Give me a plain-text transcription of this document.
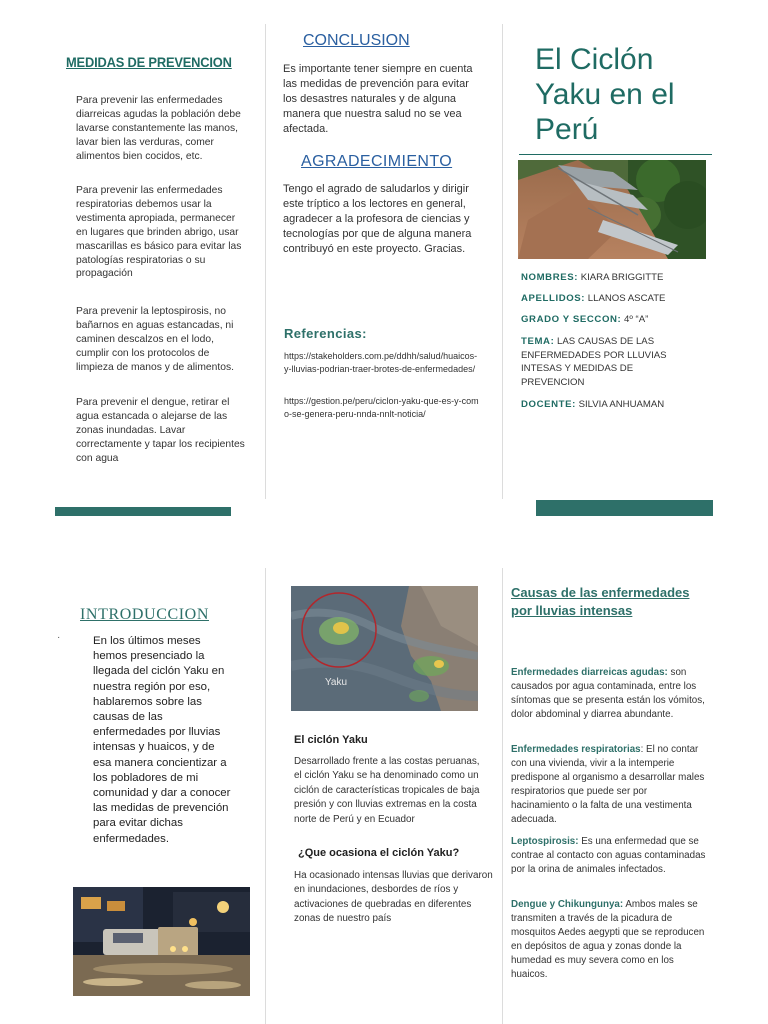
MEDIDAS DE PREVENCION

Para prevenir las enfermedades diarreicas agudas la población debe lavarse constantemente las manos, lavar bien las verduras, comer alimentos bien cocidos, etc.

Para prevenir las enfermedades respiratorias debemos usar la vestimenta apropiada, permanecer en lugares que brinden abrigo, usar mascarillas es básico para evitar las patologías respiratorias o su propagación

Para prevenir la leptospirosis, no bañarnos en aguas estancadas, ni caminen descalzos en el lodo, cumplir con los protocolos de limpieza de manos y de alimentos.

Para prevenir el dengue, retirar el agua estancada o alejarse de las zonas inundadas. Lavar correctamente y tapar los recipientes con agua

CONCLUSION

Es importante tener siempre en cuenta las medidas de prevención para evitar los desastres naturales y de alguna manera que nuestra salud no se vea afectada.

AGRADECIMIENTO

Tengo el agrado de saludarlos y dirigir este tríptico a los lectores en general, agradecer a la profesora de ciencias y tecnologías por que de alguna manera contribuyó en este proyecto. Gracias.

Referencias:

https://stakeholders.com.pe/ddhh/salud/huaicos-y-lluvias-podrian-traer-brotes-de-enfermedades/

https://gestion.pe/peru/ciclon-yaku-que-es-y-como-se-genera-peru-nnda-nnlt-noticia/

El Ciclón Yaku en el Perú

NOMBRES: KIARA BRIGGITTE

APELLIDOS: LLANOS ASCATE

GRADO Y SECCON: 4º “A”

TEMA: LAS CAUSAS DE LAS ENFERMEDADES POR LLUVIAS INTESAS Y MEDIDAS DE PREVENCION

DOCENTE: SILVIA ANHUAMAN

INTRODUCCION
·	En los últimos meses hemos presenciado la llegada del ciclón Yaku en nuestra región por eso, hablaremos sobre las causas de las enfermedades por lluvias intensas y huaicos, y de esa manera concientizar a los pobladores de mi comunidad y dar a conocer las medidas de prevención para evitar dichas enfermedades.

Yaku
El ciclón Yaku

Desarrollado frente a las costas peruanas, el ciclón Yaku se ha denominado como un ciclón de características tropicales de baja presión y con lluvias extremas en la costa norte de Perú y en Ecuador

¿Que ocasiona el ciclón Yaku?

Ha ocasionado intensas lluvias que derivaron en inundaciones, desbordes de ríos y activaciones de quebradas en diferentes zonas de nuestro país

Causas de las enfermedades por lluvias intensas

Enfermedades diarreicas agudas: son causados por agua contaminada, entre los síntomas que se presenta están los vómitos, dolor abdominal y diarrea abundante.

Enfermedades respiratorias: El no contar con una vivienda, vivir a la intemperie predispone al organismo a desarrollar males respiratorios que puede ser por hacinamiento o la falta de una vestimenta adecuada.

Leptospirosis: Es una enfermedad que se contrae al contacto con aguas contaminadas por la orina de animales infectados.

Dengue y Chikungunya: Ambos males se transmiten a través de la picadura de mosquitos Aedes aegypti que se reproducen en depósitos de agua y zonas donde la humedad es muy severa como en los huaicos.
